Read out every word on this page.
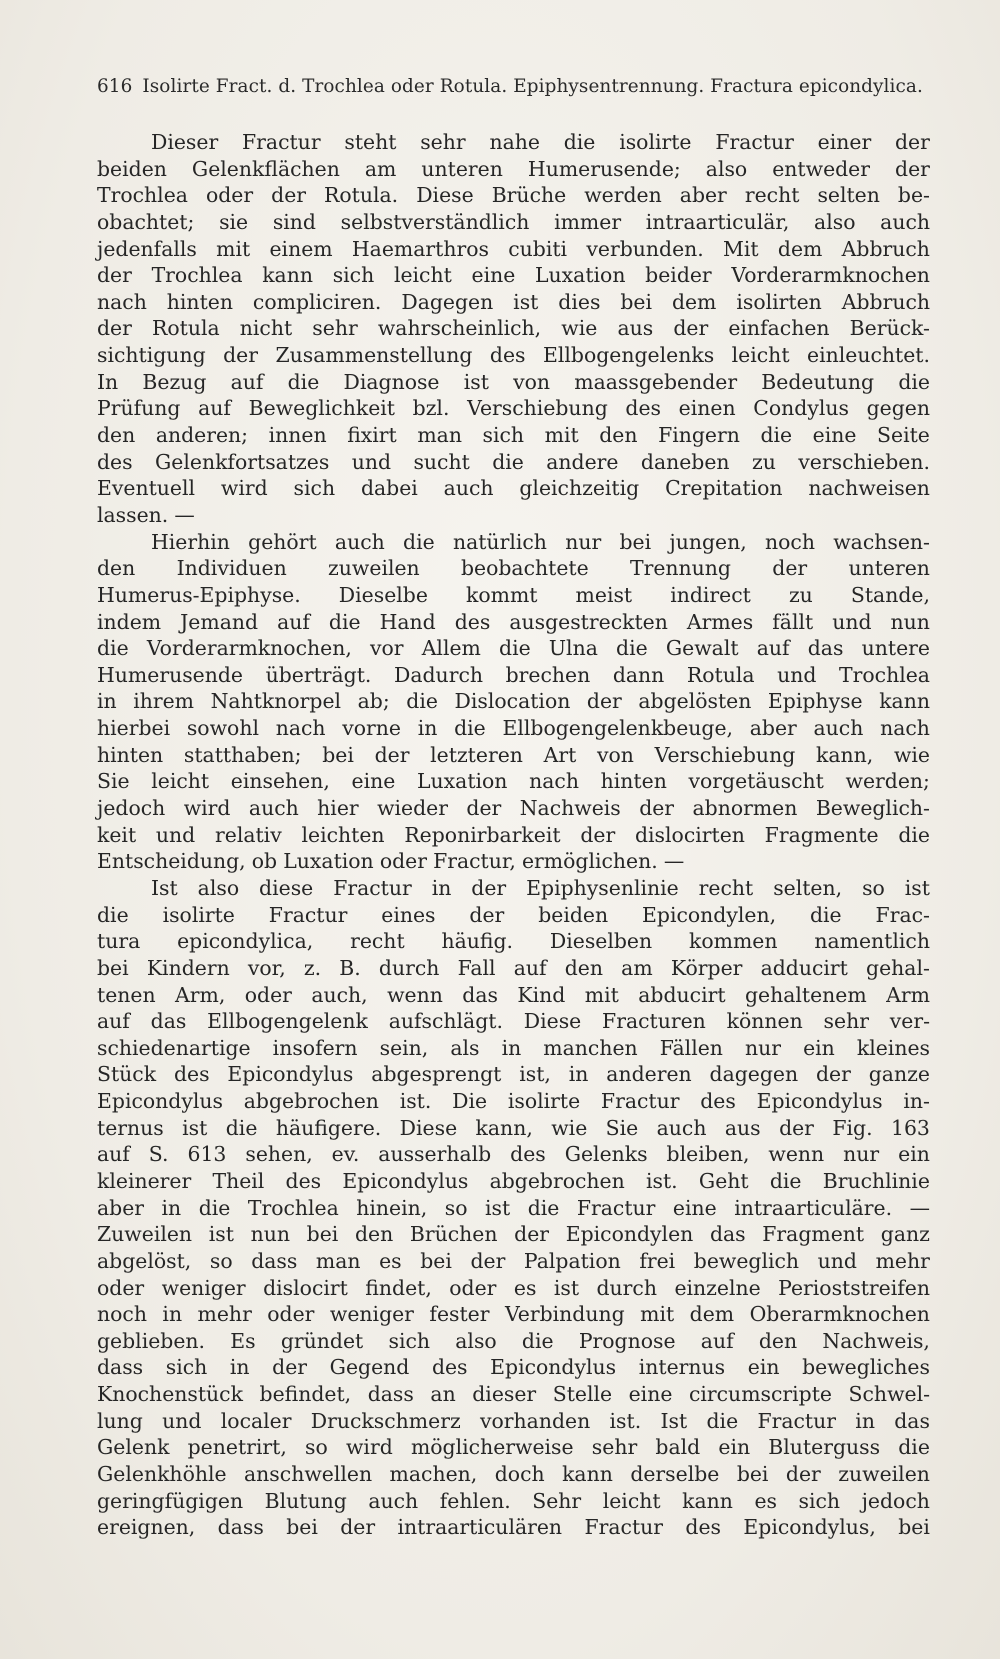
616 Isolirte Fract. d. Trochlea oder Rotula. Epiphysentrennung. Fractura epicondylica.
Dieser Fractur steht sehr nahe die isolirte Fractur einer der
beiden Gelenkflächen am unteren Humerusende; also entweder der
Trochlea oder der Rotula. Diese Brüche werden aber recht selten be-
obachtet; sie sind selbstverständlich immer intraarticulär, also auch
jedenfalls mit einem Haemarthros cubiti verbunden. Mit dem Abbruch
der Trochlea kann sich leicht eine Luxation beider Vorderarmknochen
nach hinten compliciren. Dagegen ist dies bei dem isolirten Abbruch
der Rotula nicht sehr wahrscheinlich, wie aus der einfachen Berück-
sichtigung der Zusammenstellung des Ellbogengelenks leicht einleuchtet.
In Bezug auf die Diagnose ist von maassgebender Bedeutung die
Prüfung auf Beweglichkeit bzl. Verschiebung des einen Condylus gegen
den anderen; innen fixirt man sich mit den Fingern die eine Seite
des Gelenkfortsatzes und sucht die andere daneben zu verschieben.
Eventuell wird sich dabei auch gleichzeitig Crepitation nachweisen
lassen. —
Hierhin gehört auch die natürlich nur bei jungen, noch wachsen-
den Individuen zuweilen beobachtete Trennung der unteren
Humerus-Epiphyse. Dieselbe kommt meist indirect zu Stande,
indem Jemand auf die Hand des ausgestreckten Armes fällt und nun
die Vorderarmknochen, vor Allem die Ulna die Gewalt auf das untere
Humerusende überträgt. Dadurch brechen dann Rotula und Trochlea
in ihrem Nahtknorpel ab; die Dislocation der abgelösten Epiphyse kann
hierbei sowohl nach vorne in die Ellbogengelenkbeuge, aber auch nach
hinten statthaben; bei der letzteren Art von Verschiebung kann, wie
Sie leicht einsehen, eine Luxation nach hinten vorgetäuscht werden;
jedoch wird auch hier wieder der Nachweis der abnormen Beweglich-
keit und relativ leichten Reponirbarkeit der dislocirten Fragmente die
Entscheidung, ob Luxation oder Fractur, ermöglichen. —
Ist also diese Fractur in der Epiphysenlinie recht selten, so ist
die isolirte Fractur eines der beiden Epicondylen, die Frac-
tura epicondylica, recht häufig. Dieselben kommen namentlich
bei Kindern vor, z. B. durch Fall auf den am Körper adducirt gehal-
tenen Arm, oder auch, wenn das Kind mit abducirt gehaltenem Arm
auf das Ellbogengelenk aufschlägt. Diese Fracturen können sehr ver-
schiedenartige insofern sein, als in manchen Fällen nur ein kleines
Stück des Epicondylus abgesprengt ist, in anderen dagegen der ganze
Epicondylus abgebrochen ist. Die isolirte Fractur des Epicondylus in-
ternus ist die häufigere. Diese kann, wie Sie auch aus der Fig. 163
auf S. 613 sehen, ev. ausserhalb des Gelenks bleiben, wenn nur ein
kleinerer Theil des Epicondylus abgebrochen ist. Geht die Bruchlinie
aber in die Trochlea hinein, so ist die Fractur eine intraarticuläre. —
Zuweilen ist nun bei den Brüchen der Epicondylen das Fragment ganz
abgelöst, so dass man es bei der Palpation frei beweglich und mehr
oder weniger dislocirt findet, oder es ist durch einzelne Perioststreifen
noch in mehr oder weniger fester Verbindung mit dem Oberarmknochen
geblieben. Es gründet sich also die Prognose auf den Nachweis,
dass sich in der Gegend des Epicondylus internus ein bewegliches
Knochenstück befindet, dass an dieser Stelle eine circumscripte Schwel-
lung und localer Druckschmerz vorhanden ist. Ist die Fractur in das
Gelenk penetrirt, so wird möglicherweise sehr bald ein Bluterguss die
Gelenkhöhle anschwellen machen, doch kann derselbe bei der zuweilen
geringfügigen Blutung auch fehlen. Sehr leicht kann es sich jedoch
ereignen, dass bei der intraarticulären Fractur des Epicondylus, bei
